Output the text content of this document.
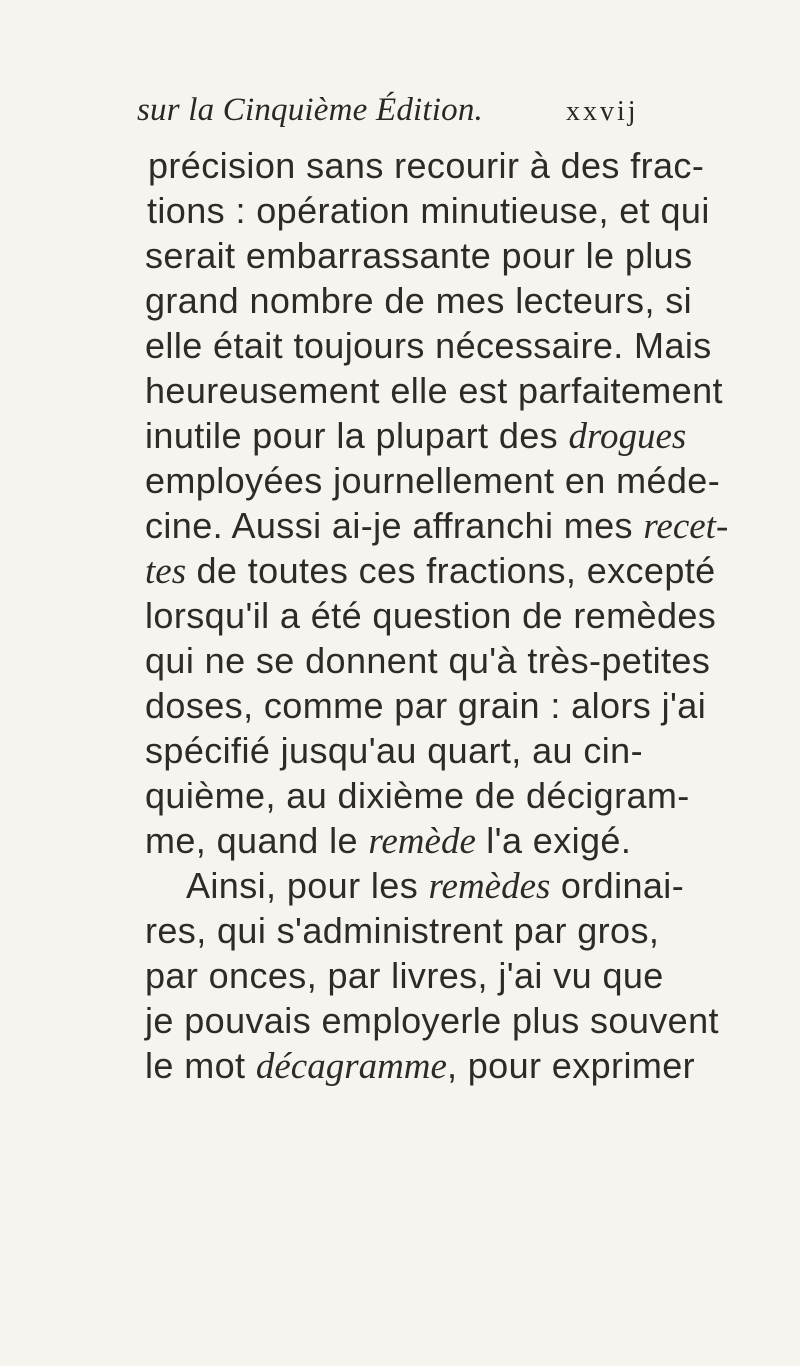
sur la Cinquième Édition.	xxvij
précision sans recourir à des frac-
tions : opération minutieuse, et qui
serait embarrassante pour le plus
grand nombre de mes lecteurs, si
elle était toujours nécessaire. Mais
heureusement elle est parfaitement
inutile pour la plupart des drogues
employées journellement en méde-
cine. Aussi ai-je affranchi mes recet-
tes de toutes ces fractions, excepté
lorsqu'il a été question de remèdes
qui ne se donnent qu'à très-petites
doses, comme par grain : alors j'ai
spécifié jusqu'au quart, au cin-
quième, au dixième de décigram-
me, quand le remède l'a exigé.
Ainsi, pour les remèdes ordinai-
res, qui s'administrent par gros,
par onces, par livres, j'ai vu que
je pouvais employerle plus souvent
le mot décagramme, pour exprimer
